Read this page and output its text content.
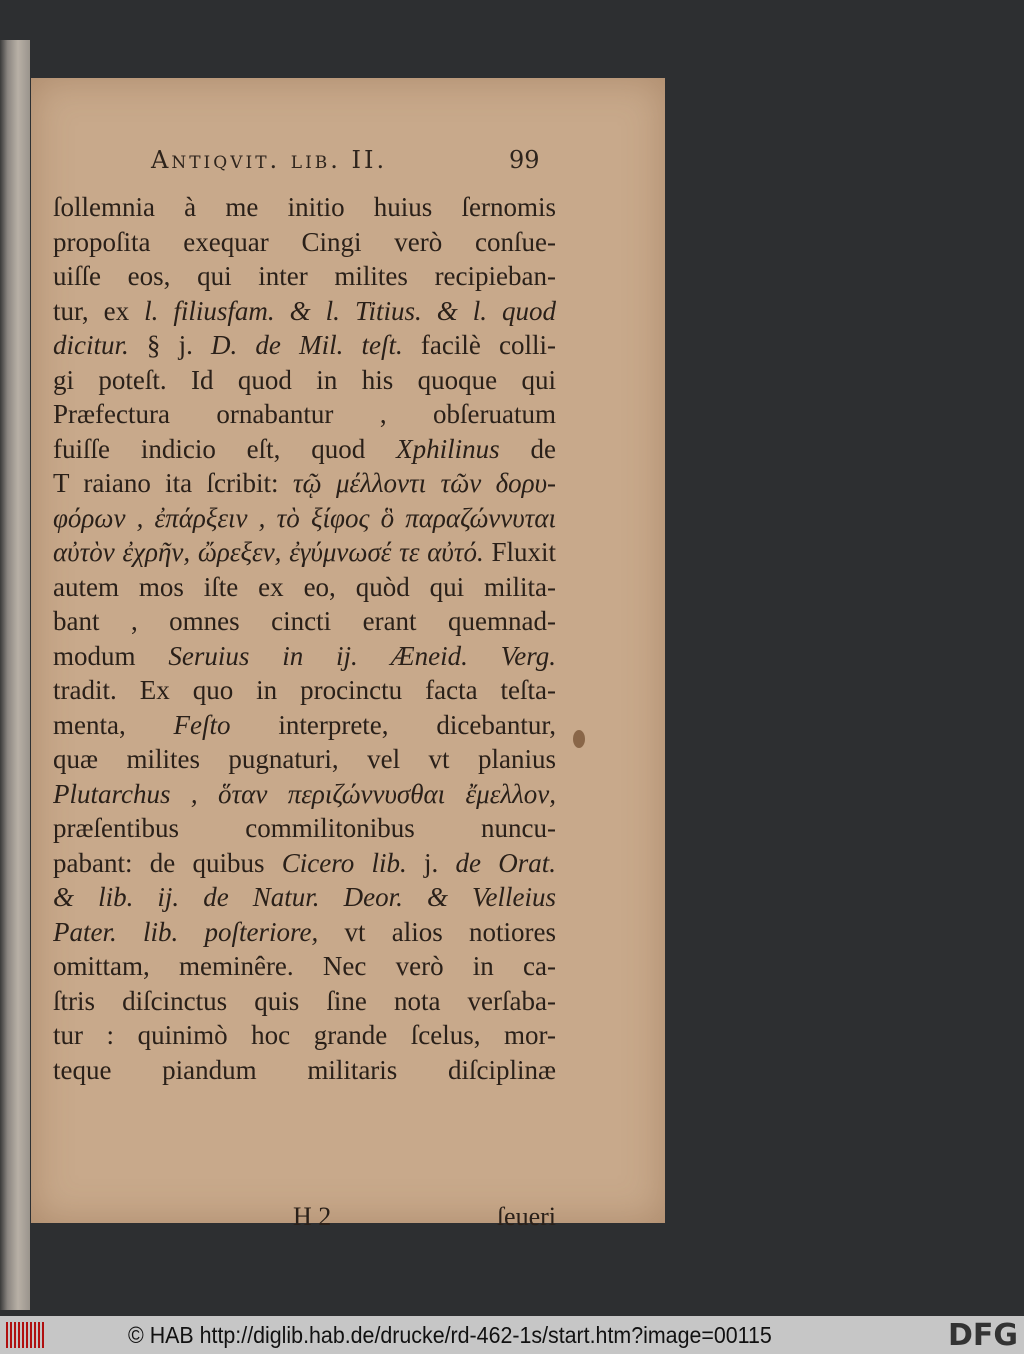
Antiqvit. lib. II.	99
ſollemnia à me initio huius ſernomis
propoſita exequar Cingi verò conſue-
uiſſe eos, qui inter milites recipieban-
tur, ex l. filiusfam. & l. Titius. & l. quod
dicitur. § j. D. de Mil. teſt. facilè colli-
gi poteſt. Id quod in his quoque qui
Præfectura ornabantur , obſeruatum
fuiſſe indicio eſt, quod Xphilinus de
T raiano ita ſcribit: τῷ μέλλοντι τῶν δορυ-
φόρων , ἐπάρξειν , τὸ ξίφος ὃ παραζώννυται
αὐτὸν ἐχρῆν, ὤρεξεν, ἐγύμνωσέ τε αὐτό. Fluxit
autem mos iſte ex eo, quòd qui milita-
bant , omnes cincti erant quemnad-
modum Seruius in ij. Æneid. Verg.
tradit. Ex quo in procinctu facta teſta-
menta, Feſto interprete, dicebantur,
quæ milites pugnaturi, vel vt planius
Plutarchus , ὅταν περιζώννυσθαι ἔμελλον,
præſentibus commilitonibus nuncu-
pabant: de quibus Cicero lib. j. de Orat.
& lib. ij. de Natur. Deor. & Velleius
Pater. lib. poſteriore, vt alios notiores
omittam, meminêre. Nec verò in ca-
ſtris diſcinctus quis ſine nota verſaba-
tur : quinimò hoc grande ſcelus, mor-
teque piandum militaris diſciplinæ
H 2	ſeueri
© HAB http://diglib.hab.de/drucke/rd-462-1s/start.htm?image=00115	DFG
